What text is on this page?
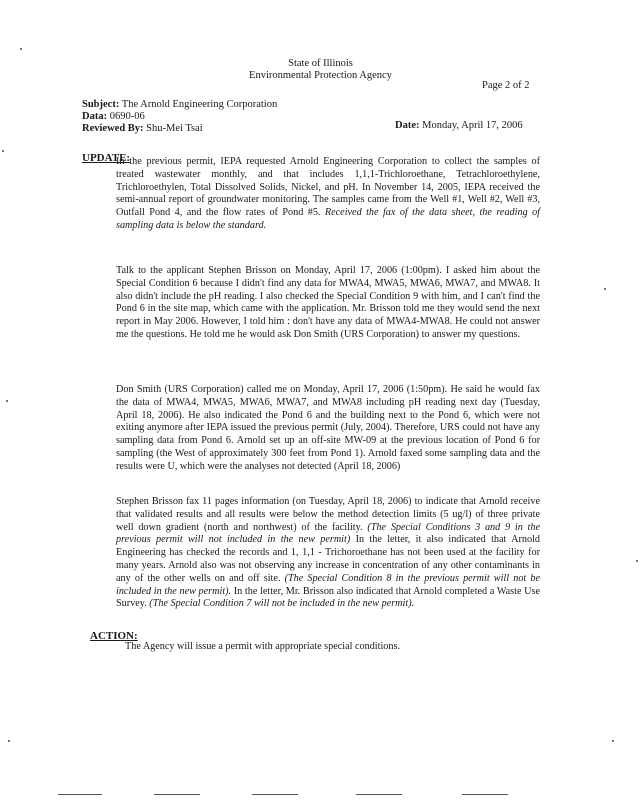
State of Illinois
Environmental Protection Agency
Page 2 of 2
Subject: The Arnold Engineering Corporation
Data: 0690-06
Reviewed By: Shu-Mei Tsai	Date: Monday, April 17, 2006
UPDATE:

In the previous permit, IEPA requested Arnold Engineering Corporation to collect the samples of treated wastewater monthly, and that includes 1,1,1-Trichloroethane, Tetrachloroethylene, Trichloroethylen, Total Dissolved Solids, Nickel, and pH. In November 14, 2005, IEPA received the semi-annual report of groundwater monitoring. The samples came from the Well #1, Well #2, Well #3, Outfall Pond 4, and the flow rates of Pond #5. Received the fax of the data sheet, the reading of sampling data is below the standard.

Talk to the applicant Stephen Brisson on Monday, April 17, 2006 (1:00pm). I asked him about the Special Condition 6 because I didn't find any data for MWA4, MWA5, MWA6, MWA7, and MWA8. It also didn't include the pH reading. I also checked the Special Condition 9 with him, and I can't find the Pond 6 in the site map, which came with the application. Mr. Brisson told me they would send the next report in May 2006. However, I told him : don't have any data of MWA4-MWA8. He could not answer me the questions. He told me he would ask Don Smith (URS Corporation) to answer my questions.

Don Smith (URS Corporation) called me on Monday, April 17, 2006 (1:50pm). He said he would fax the data of MWA4, MWA5, MWA6, MWA7, and MWA8 including pH reading next day (Tuesday, April 18, 2006). He also indicated the Pond 6 and the building next to the Pond 6, which were not exiting anymore after IEPA issued the previous permit (July, 2004). Therefore, URS could not have any sampling data from Pond 6. Arnold set up an off-site MW-09 at the previous location of Pond 6 for sampling (the West of approximately 300 feet from Pond 1). Arnold faxed some sampling data and the results were U, which were the analyses not detected (April 18, 2006)

Stephen Brisson fax 11 pages information (on Tuesday, April 18, 2006) to indicate that Arnold receive that validated results and all results were below the method detection limits (5 ug/l) of three private well down gradient (north and northwest) of the facility. (The Special Conditions 3 and 9 in the previous permit will not included in the new permit) In the letter, it also indicated that Arnold Engineering has checked the records and 1, 1,1 - Trichoroethane has not been used at the facility for many years. Arnold also was not observing any increase in concentration of any other contaminants in any of the other wells on and off site. (The Special Condition 8 in the previous permit will not be included in the new permit). In the letter, Mr. Brisson also indicated that Arnold completed a Waste Use Survey. (The Special Condition 7 will not be included in the new permit).

ACTION:
The Agency will issue a permit with appropriate special conditions.
